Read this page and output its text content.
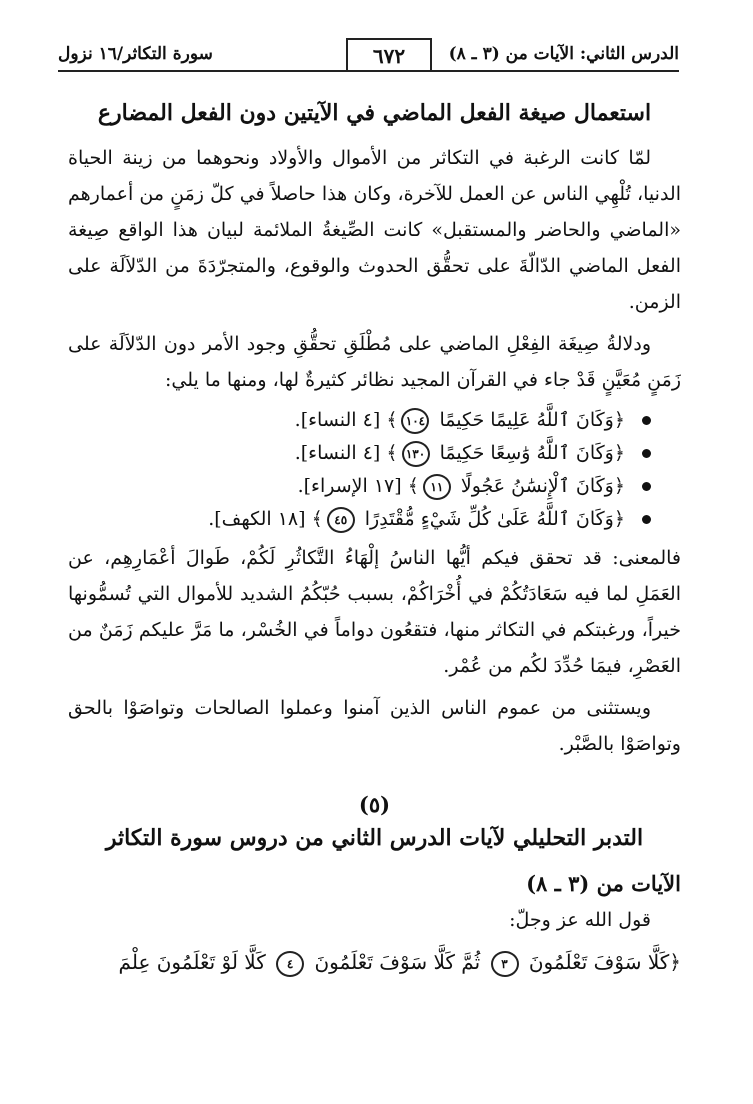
الدرس الثاني: الآيات من (٣ ـ ٨)
٦٧٢
سورة التكاثر/١٦ نزول
استعمال صيغة الفعل الماضي في الآيتين دون الفعل المضارع

لمّا كانت الرغبة في التكاثر من الأموال والأولاد ونحوهما من زينة الحياة الدنيا، تُلْهِي الناس عن العمل للآخرة، وكان هذا حاصلاً في كلّ زمَنٍ من أعمارهم «الماضي والحاضر والمستقبل» كانت الصِّيغةُ الملائمة لبيان هذا الواقع صِيغة الفعل الماضي الدّالّةَ على تحقُّق الحدوث والوقوع، والمتجرّدَةَ من الدّلاَلَة على الزمن.

ودلالةُ صِيغَة الفِعْلِ الماضي على مُطْلَقِ تحقُّقِ وجود الأمر دون الدّلاَلَة على زَمَنٍ مُعَيَّنٍ قَدْ جاء في القرآن المجيد نظائر كثيرةٌ لها، ومنها ما يلي:

﴿وَكَانَ ٱللَّهُ عَلِيمًا حَكِيمًا ١٠٤﴾ [٤ النساء].
﴿وَكَانَ ٱللَّهُ وَٰسِعًا حَكِيمًا ١٣٠﴾ [٤ النساء].
﴿وَكَانَ ٱلْإِنسَٰنُ عَجُولًا ١١﴾ [١٧ الإسراء].
﴿وَكَانَ ٱللَّهُ عَلَىٰ كُلِّ شَيْءٍ مُّقْتَدِرًا ٤٥﴾ [١٨ الكهف].

فالمعنى: قد تحقق فيكم أيُّها الناسُ إلْهَاءُ التَّكاثُرِ لَكُمْ، طَوالَ أعْمَارِهِم، عن العَمَلِ لما فيه سَعَادَتُكُمْ في أُخْرَاكُمْ، بسبب حُبّكُمُ الشديد للأموال التي تُسمُّونها خيراً، ورغبتكم في التكاثر منها، فتقعُون دواماً في الخُسْر، ما مَرَّ عليكم زَمَنٌ من العَصْرِ، فيمَا حُدِّدَ لكُم من عُمْر.

ويستثنى من عموم الناس الذين آمنوا وعملوا الصالحات وتواصَوْا بالحق وتواصَوْا بالصَّبْر.

(٥)
التدبر التحليلي لآيات الدرس الثاني من دروس سورة التكاثر
الآيات من (٣ ـ ٨)
قول الله عز وجلّ:
﴿كَلَّا سَوْفَ تَعْلَمُونَ ٣ ثُمَّ كَلَّا سَوْفَ تَعْلَمُونَ ٤ كَلَّا لَوْ تَعْلَمُونَ عِلْمَ
